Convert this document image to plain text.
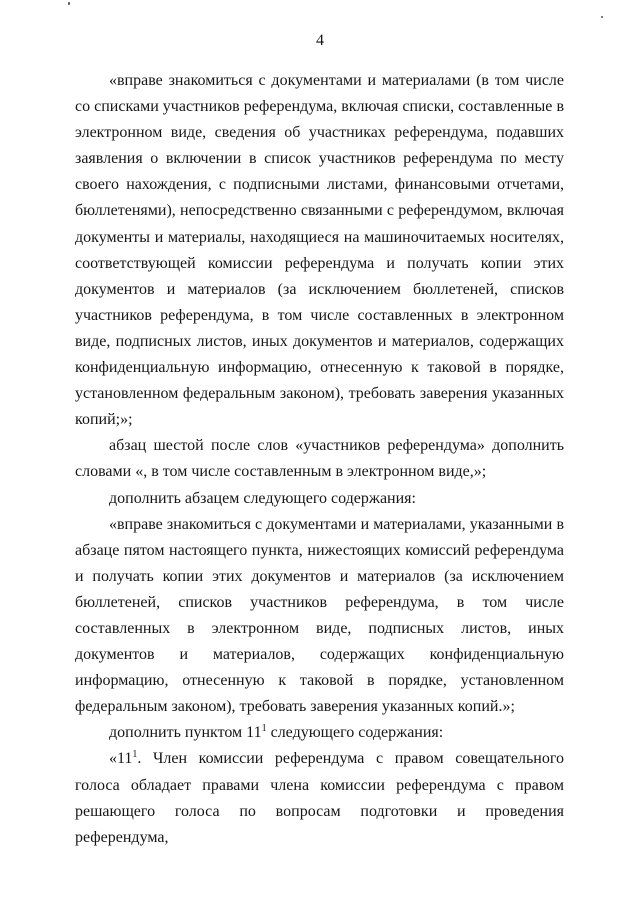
4

«вправе знакомиться с документами и материалами (в том числе со списками участников референдума, включая списки, составленные в электронном виде, сведения об участниках референдума, подавших заявления о включении в список участников референдума по месту своего нахождения, с подписными листами, финансовыми отчетами, бюллетенями), непосредственно связанными с референдумом, включая документы и материалы, находящиеся на машиночитаемых носителях, соответствующей комиссии референдума и получать копии этих документов и материалов (за исключением бюллетеней, списков участников референдума, в том числе составленных в электронном виде, подписных листов, иных документов и материалов, содержащих конфиденциальную информацию, отнесенную к таковой в порядке, установленном федеральным законом), требовать заверения указанных копий;»;

абзац шестой после слов «участников референдума» дополнить словами «, в том числе составленным в электронном виде,»;

дополнить абзацем следующего содержания:

«вправе знакомиться с документами и материалами, указанными в абзаце пятом настоящего пункта, нижестоящих комиссий референдума и получать копии этих документов и материалов (за исключением бюллетеней, списков участников референдума, в том числе составленных в электронном виде, подписных листов, иных документов и материалов, содержащих конфиденциальную информацию, отнесенную к таковой в порядке, установленном федеральным законом), требовать заверения указанных копий.»;

дополнить пунктом $11^1$ следующего содержания:

«$11^1$. Член комиссии референдума с правом совещательного голоса обладает правами члена комиссии референдума с правом решающего голоса по вопросам подготовки и проведения референдума,
